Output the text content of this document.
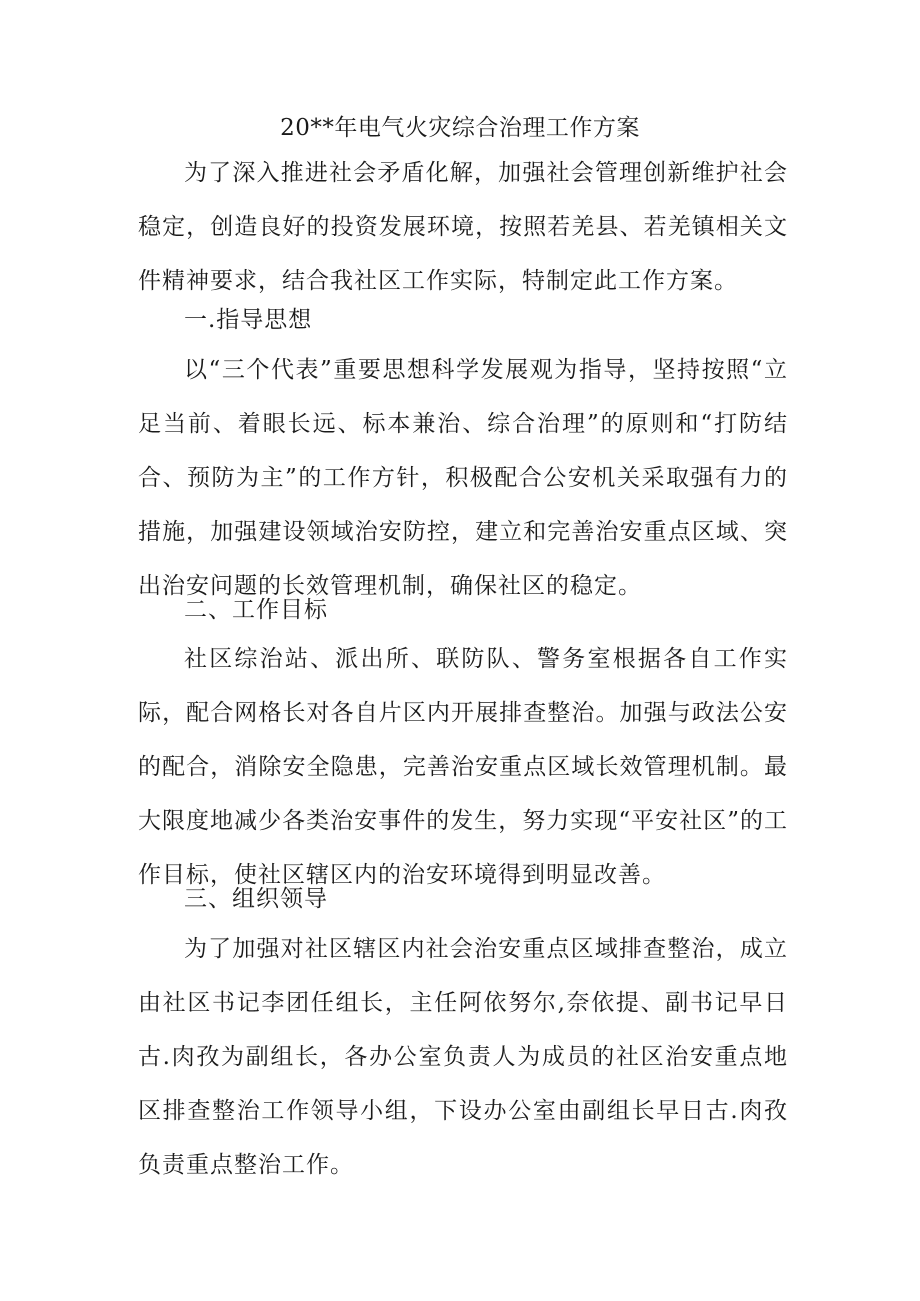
20**年电气火灾综合治理工作方案

为了深入推进社会矛盾化解，加强社会管理创新维护社会稳定，创造良好的投资发展环境，按照若羌县、若羌镇相关文件精神要求，结合我社区工作实际，特制定此工作方案。

一.指导思想

以“三个代表”重要思想科学发展观为指导，坚持按照“立足当前、着眼长远、标本兼治、综合治理”的原则和“打防结合、预防为主”的工作方针，积极配合公安机关采取强有力的措施，加强建设领域治安防控，建立和完善治安重点区域、突出治安问题的长效管理机制，确保社区的稳定。

二、工作目标

社区综治站、派出所、联防队、警务室根据各自工作实际，配合网格长对各自片区内开展排查整治。加强与政法公安的配合，消除安全隐患，完善治安重点区域长效管理机制。最大限度地减少各类治安事件的发生，努力实现“平安社区”的工作目标，使社区辖区内的治安环境得到明显改善。

三、组织领导

为了加强对社区辖区内社会治安重点区域排查整治，成立由社区书记李团任组长，主任阿依努尔,奈依提、副书记早日古.肉孜为副组长，各办公室负责人为成员的社区治安重点地区排查整治工作领导小组，下设办公室由副组长早日古.肉孜负责重点整治工作。
